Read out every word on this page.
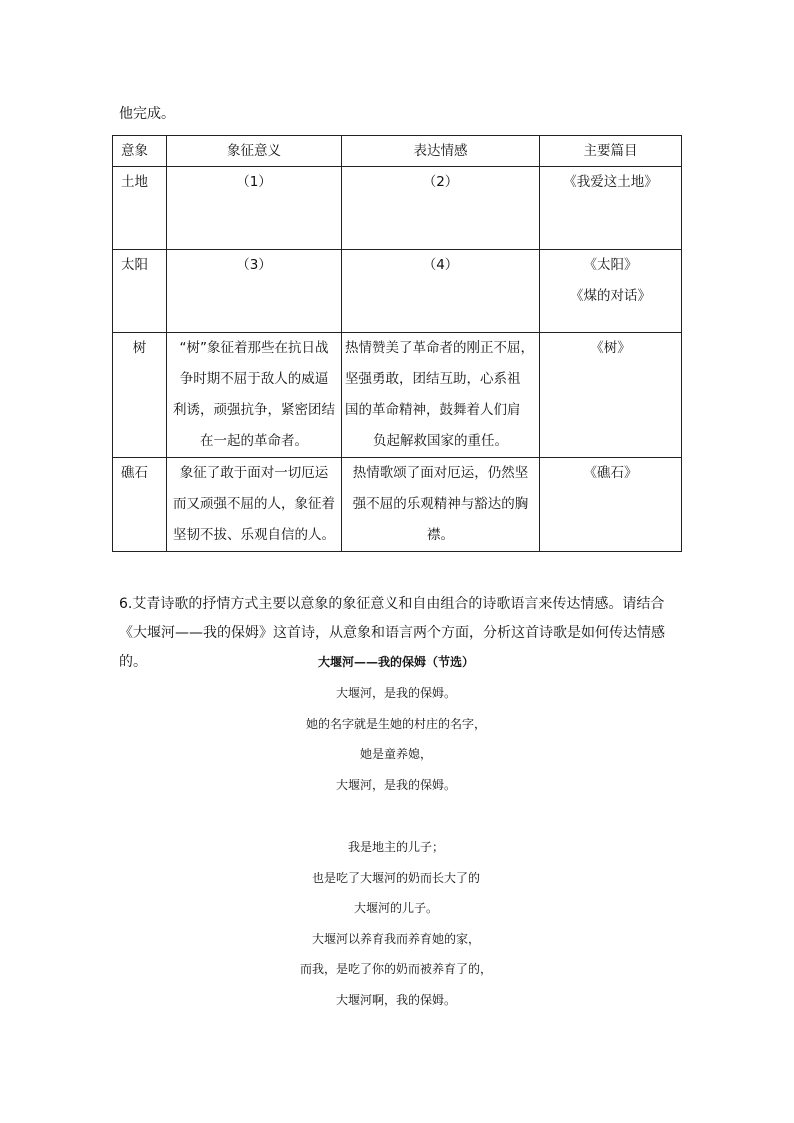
他完成。
意象	象征意义	表达情感	主要篇目
土地	（1）	（2）	《我爱这土地》

太阳	（3）	（4）	《太阳》
《煤的对话》

树	“树”象征着那些在抗日战
争时期不屈于敌人的威逼
利诱，顽强抗争，紧密团结
在一起的革命者。	热情赞美了革命者的刚正不屈，
坚强勇敢，团结互助，心系祖
国的革命精神，鼓舞着人们肩
负起解救国家的重任。	《树》

礁石	象征了敢于面对一切厄运
而又顽强不屈的人，象征着
坚韧不拔、乐观自信的人。	热情歌颂了面对厄运，仍然坚
强不屈的乐观精神与豁达的胸
襟。	《礁石》
6.艾青诗歌的抒情方式主要以意象的象征意义和自由组合的诗歌语言来传达情感。请结合
《大堰河——我的保姆》这首诗，从意象和语言两个方面，分析这首诗歌是如何传达情感的。	大堰河——我的保姆（节选）
大堰河，是我的保姆。
她的名字就是生她的村庄的名字，
她是童养媳，
大堰河，是我的保姆。
我是地主的儿子；
也是吃了大堰河的奶而长大了的
大堰河的儿子。
大堰河以养育我而养育她的家，
而我，是吃了你的奶而被养育了的，
大堰河啊，我的保姆。
